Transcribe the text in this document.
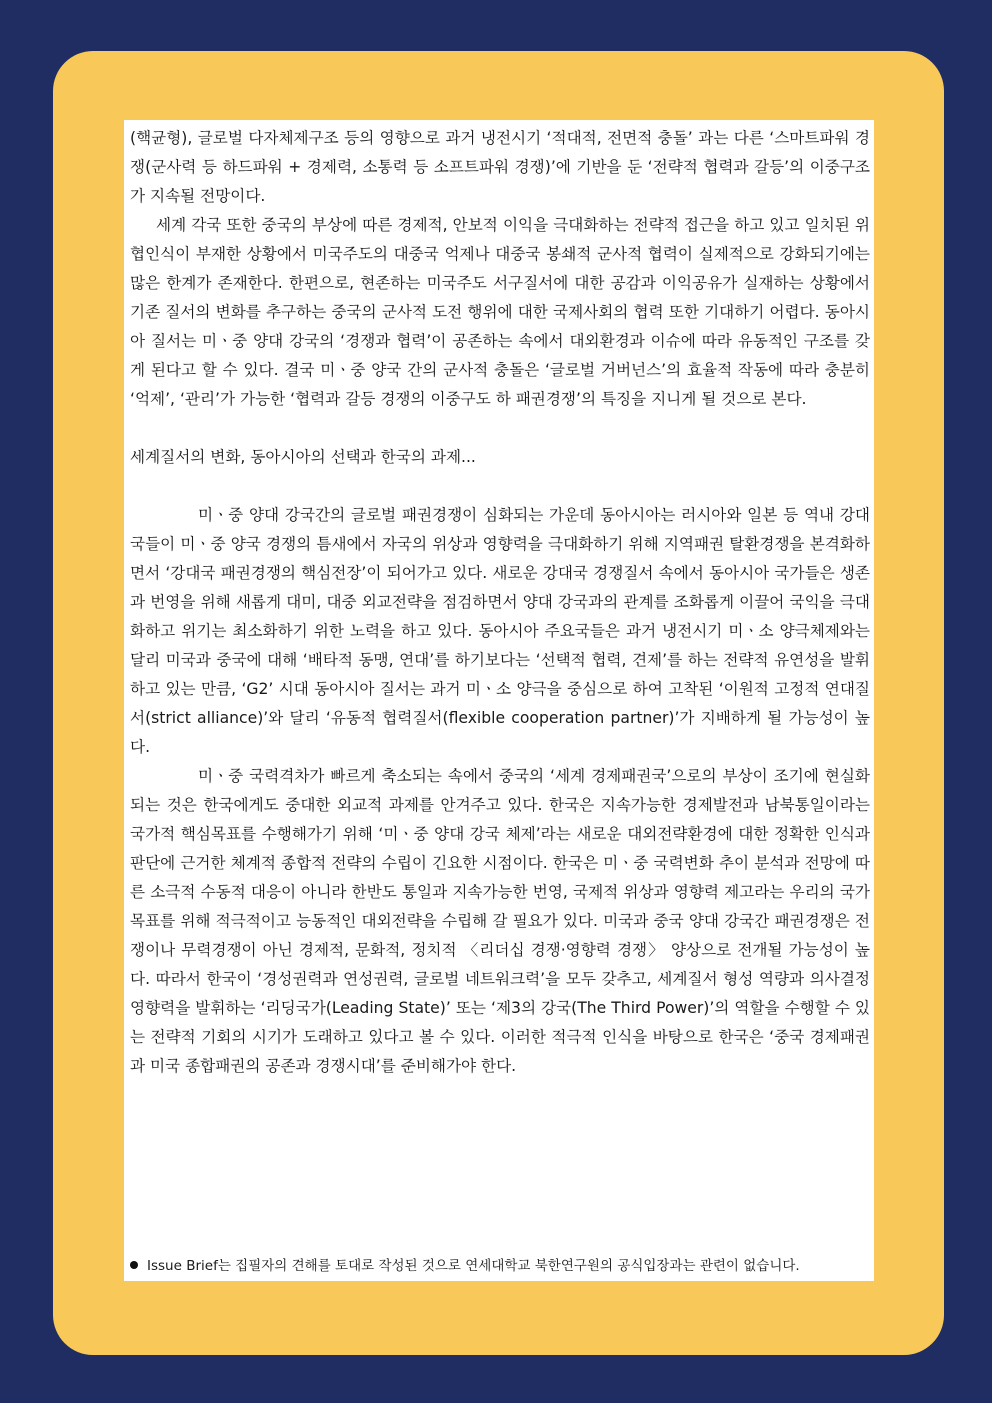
(핵균형), 글로벌 다자체제구조 등의 영향으로 과거 냉전시기 ‘적대적, 전면적 충돌’ 과는 다른 ‘스마트파워 경쟁(군사력 등 하드파워 + 경제력, 소통력 등 소프트파워 경쟁)’에 기반을 둔 ‘전략적 협력과 갈등’의 이중구조가 지속될 전망이다.

세계 각국 또한 중국의 부상에 따른 경제적, 안보적 이익을 극대화하는 전략적 접근을 하고 있고 일치된 위협인식이 부재한 상황에서 미국주도의 대중국 억제나 대중국 봉쇄적 군사적 협력이 실제적으로 강화되기에는 많은 한계가 존재한다. 한편으로, 현존하는 미국주도 서구질서에 대한 공감과 이익공유가 실재하는 상황에서 기존 질서의 변화를 추구하는 중국의 군사적 도전 행위에 대한 국제사회의 협력 또한 기대하기 어렵다. 동아시아 질서는 미ㆍ중 양대 강국의 ‘경쟁과 협력’이 공존하는 속에서 대외환경과 이슈에 따라 유동적인 구조를 갖게 된다고 할 수 있다. 결국 미ㆍ중 양국 간의 군사적 충돌은 ‘글로벌 거버넌스’의 효율적 작동에 따라 충분히 ‘억제’, ‘관리’가 가능한 ‘협력과 갈등 경쟁의 이중구도 하 패권경쟁’의 특징을 지니게 될 것으로 본다.

세계질서의 변화, 동아시아의 선택과 한국의 과제...

미ㆍ중 양대 강국간의 글로벌 패권경쟁이 심화되는 가운데 동아시아는 러시아와 일본 등 역내 강대국들이 미ㆍ중 양국 경쟁의 틈새에서 자국의 위상과 영향력을 극대화하기 위해 지역패권 탈환경쟁을 본격화하면서 ‘강대국 패권경쟁의 핵심전장’이 되어가고 있다. 새로운 강대국 경쟁질서 속에서 동아시아 국가들은 생존과 번영을 위해 새롭게 대미, 대중 외교전략을 점검하면서 양대 강국과의 관계를 조화롭게 이끌어 국익을 극대화하고 위기는 최소화하기 위한 노력을 하고 있다. 동아시아 주요국들은 과거 냉전시기 미ㆍ소 양극체제와는 달리 미국과 중국에 대해 ‘배타적 동맹, 연대’를 하기보다는 ‘선택적 협력, 견제’를 하는 전략적 유연성을 발휘하고 있는 만큼, ‘G2’ 시대 동아시아 질서는 과거 미ㆍ소 양극을 중심으로 하여 고착된 ‘이원적 고정적 연대질서(strict alliance)’와 달리 ‘유동적 협력질서(flexible cooperation partner)’가 지배하게 될 가능성이 높다.

미ㆍ중 국력격차가 빠르게 축소되는 속에서 중국의 ‘세계 경제패권국’으로의 부상이 조기에 현실화되는 것은 한국에게도 중대한 외교적 과제를 안겨주고 있다. 한국은 지속가능한 경제발전과 남북통일이라는 국가적 핵심목표를 수행해가기 위해 ‘미ㆍ중 양대 강국 체제’라는 새로운 대외전략환경에 대한 정확한 인식과 판단에 근거한 체계적 종합적 전략의 수립이 긴요한 시점이다. 한국은 미ㆍ중 국력변화 추이 분석과 전망에 따른 소극적 수동적 대응이 아니라 한반도 통일과 지속가능한 번영, 국제적 위상과 영향력 제고라는 우리의 국가목표를 위해 적극적이고 능동적인 대외전략을 수립해 갈 필요가 있다. 미국과 중국 양대 강국간 패권경쟁은 전쟁이나 무력경쟁이 아닌 경제적, 문화적, 정치적 〈리더십 경쟁·영향력 경쟁〉 양상으로 전개될 가능성이 높다. 따라서 한국이 ‘경성권력과 연성권력, 글로벌 네트워크력’을 모두 갖추고, 세계질서 형성 역량과 의사결정 영향력을 발휘하는 ‘리딩국가(Leading State)’ 또는 ‘제3의 강국(The Third Power)’의 역할을 수행할 수 있는 전략적 기회의 시기가 도래하고 있다고 볼 수 있다. 이러한 적극적 인식을 바탕으로 한국은 ‘중국 경제패권과 미국 종합패권의 공존과 경쟁시대’를 준비해가야 한다.

Issue Brief는 집필자의 견해를 토대로 작성된 것으로 연세대학교 북한연구원의 공식입장과는 관련이 없습니다.
